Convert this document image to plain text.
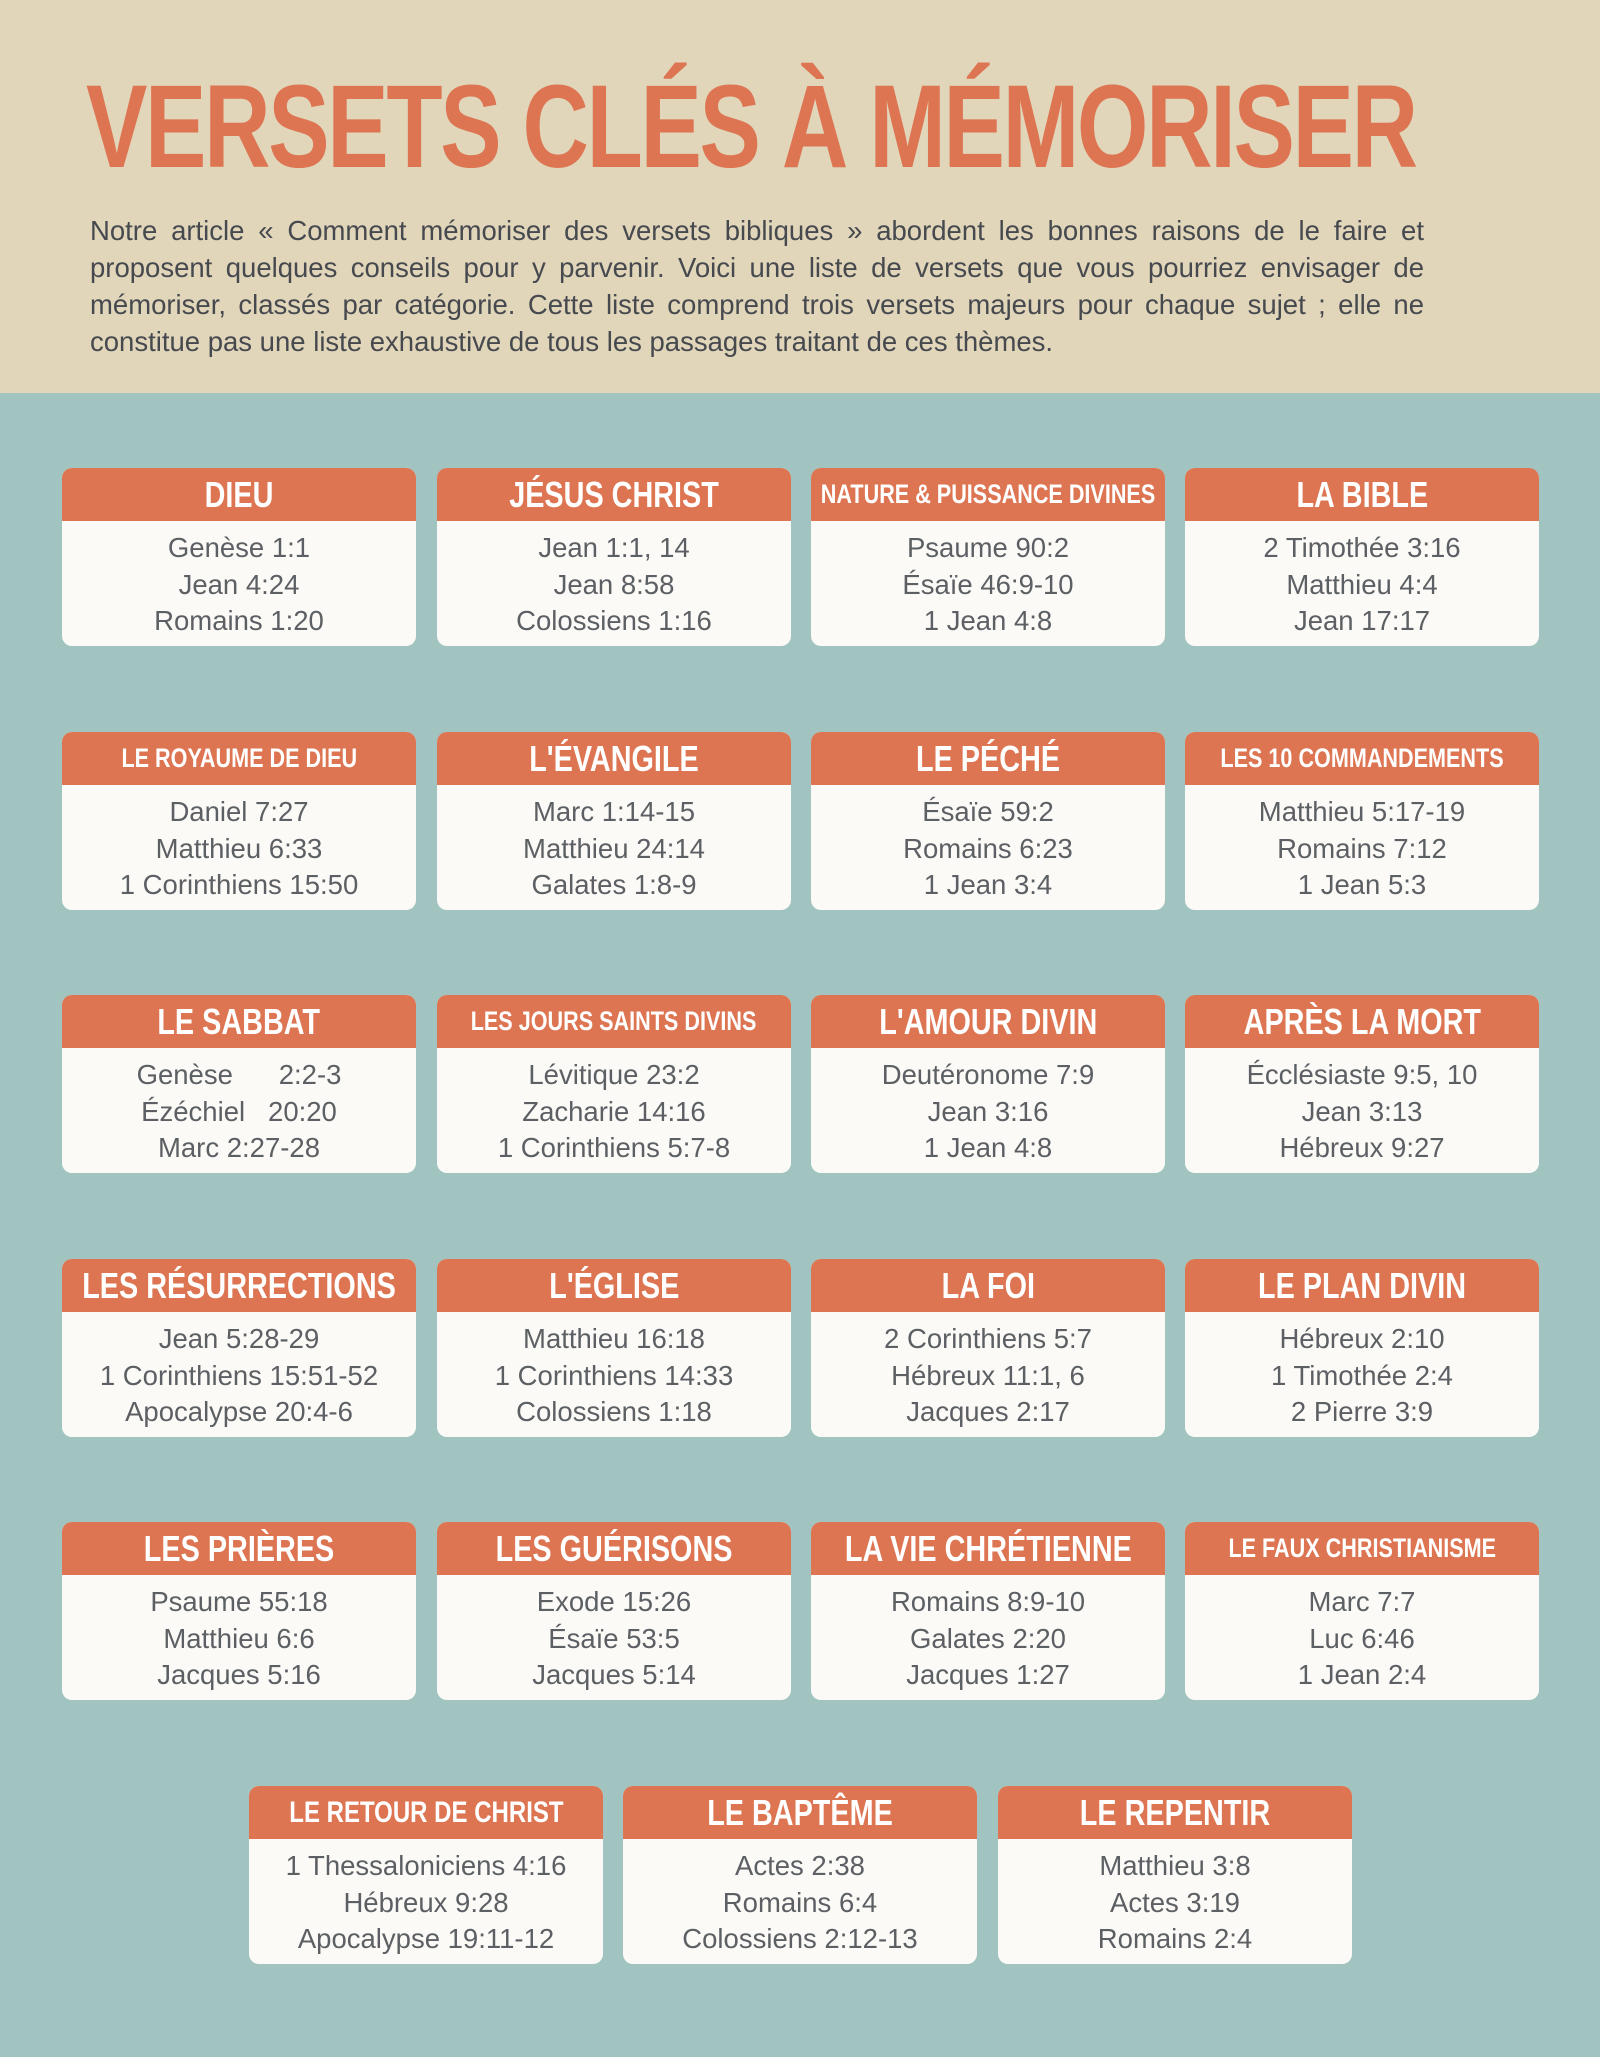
VERSETS CLÉS À MÉMORISER

Notre article « Comment mémoriser des versets bibliques » abordent les bonnes raisons de le faire et proposent quelques conseils pour y parvenir. Voici une liste de versets que vous pourriez envisager de mémoriser, classés par catégorie. Cette liste comprend trois versets majeurs pour chaque sujet ; elle ne constitue pas une liste exhaustive de tous les passages traitant de ces thèmes.

DIEU
Genèse 1:1
Jean 4:24
Romains 1:20
JÉSUS CHRIST
Jean 1:1, 14
Jean 8:58
Colossiens 1:16
NATURE & PUISSANCE DIVINES
Psaume 90:2
Ésaïe 46:9-10
1 Jean 4:8
LA BIBLE
2 Timothée 3:16
Matthieu 4:4
Jean 17:17
LE ROYAUME DE DIEU
Daniel 7:27
Matthieu 6:33
1 Corinthiens 15:50
L'ÉVANGILE
Marc 1:14-15
Matthieu 24:14
Galates 1:8-9
LE PÉCHÉ
Ésaïe 59:2
Romains 6:23
1 Jean 3:4
LES 10 COMMANDEMENTS
Matthieu 5:17-19
Romains 7:12
1 Jean 5:3
LE SABBAT
Genèse      2:2-3
Ézéchiel   20:20
Marc 2:27-28
LES JOURS SAINTS DIVINS
Lévitique 23:2
Zacharie 14:16
1 Corinthiens 5:7-8
L'AMOUR DIVIN
Deutéronome 7:9
Jean 3:16
1 Jean 4:8
APRÈS LA MORT
Écclésiaste 9:5, 10
Jean 3:13
Hébreux 9:27
LES RÉSURRECTIONS
Jean 5:28-29
1 Corinthiens 15:51-52
Apocalypse 20:4-6
L'ÉGLISE
Matthieu 16:18
1 Corinthiens 14:33
Colossiens 1:18
LA FOI
2 Corinthiens 5:7
Hébreux 11:1, 6
Jacques 2:17
LE PLAN DIVIN
Hébreux 2:10
1 Timothée 2:4
2 Pierre 3:9
LES PRIÈRES
Psaume 55:18
Matthieu 6:6
Jacques 5:16
LES GUÉRISONS
Exode 15:26
Ésaïe 53:5
Jacques 5:14
LA VIE CHRÉTIENNE
Romains 8:9-10
Galates 2:20
Jacques 1:27
LE FAUX CHRISTIANISME
Marc 7:7
Luc 6:46
1 Jean 2:4
LE RETOUR DE CHRIST
1 Thessaloniciens 4:16
Hébreux 9:28
Apocalypse 19:11-12
LE BAPTÊME
Actes 2:38
Romains 6:4
Colossiens 2:12-13
LE REPENTIR
Matthieu 3:8
Actes 3:19
Romains 2:4
